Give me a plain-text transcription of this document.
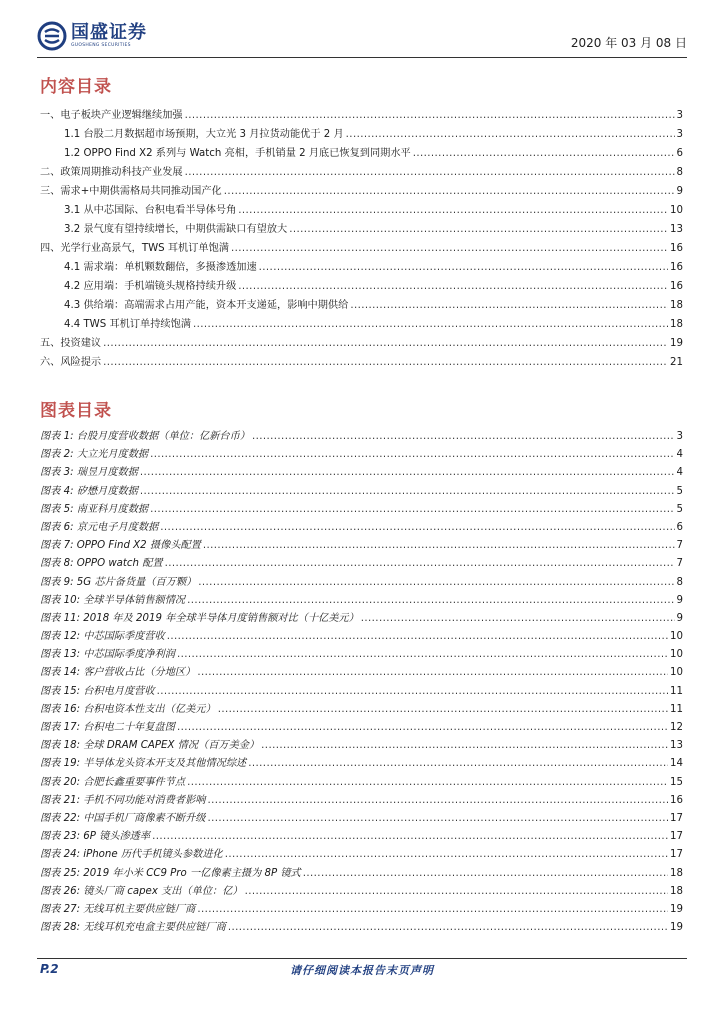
国盛证券
GUOSHENG SECURITIES	2020 年 03 月 08 日
内容目录
一、电子板块产业逻辑继续加强 .....	3
1.1 台股二月数据超市场预期，大立光 3 月拉货动能优于 2 月 .....	3
1.2 OPPO Find X2 系列与 Watch 亮相，手机销量 2 月底已恢复到同期水平 .....	6
二、政策周期推动科技产业发展 .....	8
三、需求+中期供需格局共同推动国产化 .....	9
3.1 从中芯国际、台积电看半导体号角 .....	10
3.2 景气度有望持续增长，中期供需缺口有望放大 .....	13
四、光学行业高景气，TWS 耳机订单饱满 .....	16
4.1 需求端：单机颗数翻倍，多摄渗透加速 .....	16
4.2 应用端：手机端镜头规格持续升级 .....	16
4.3 供给端：高端需求占用产能，资本开支递延，影响中期供给 .....	18
4.4 TWS 耳机订单持续饱满 .....	18
五、投资建议 .....	19
六、风险提示 .....	21
图表目录
图表 1: 台股月度营收数据（单位：亿新台币） .....	3
图表 2: 大立光月度数据 .....	4
图表 3: 瑞昱月度数据 .....	4
图表 4: 矽懋月度数据 .....	5
图表 5: 南亚科月度数据 .....	5
图表 6: 京元电子月度数据 .....	6
图表 7: OPPO Find X2 摄像头配置 .....	7
图表 8: OPPO watch 配置 .....	7
图表 9: 5G 芯片备货量（百万颗） .....	8
图表 10: 全球半导体销售额情况 .....	9
图表 11: 2018 年及 2019 年全球半导体月度销售额对比（十亿美元） .....	9
图表 12: 中芯国际季度营收 .....	10
图表 13: 中芯国际季度净利润 .....	10
图表 14: 客户营收占比（分地区） .....	10
图表 15: 台积电月度营收 .....	11
图表 16: 台积电资本性支出（亿美元） .....	11
图表 17: 台积电二十年复盘图 .....	12
图表 18: 全球 DRAM CAPEX 情况（百万美金） .....	13
图表 19: 半导体龙头资本开支及其他情况综述 .....	14
图表 20: 合肥长鑫重要事件节点 .....	15
图表 21: 手机不同功能对消费者影响 .....	16
图表 22: 中国手机厂商像素不断升级 .....	17
图表 23: 6P 镜头渗透率 .....	17
图表 24: iPhone 历代手机镜头参数进化 .....	17
图表 25: 2019 年小米 CC9 Pro 一亿像素主摄为 8P 镜式 .....	18
图表 26: 镜头厂商 capex 支出（单位：亿） .....	18
图表 27: 无线耳机主要供应链厂商 .....	19
图表 28: 无线耳机充电盒主要供应链厂商 .....	19
请仔细阅读本报告末页声明
P.2
